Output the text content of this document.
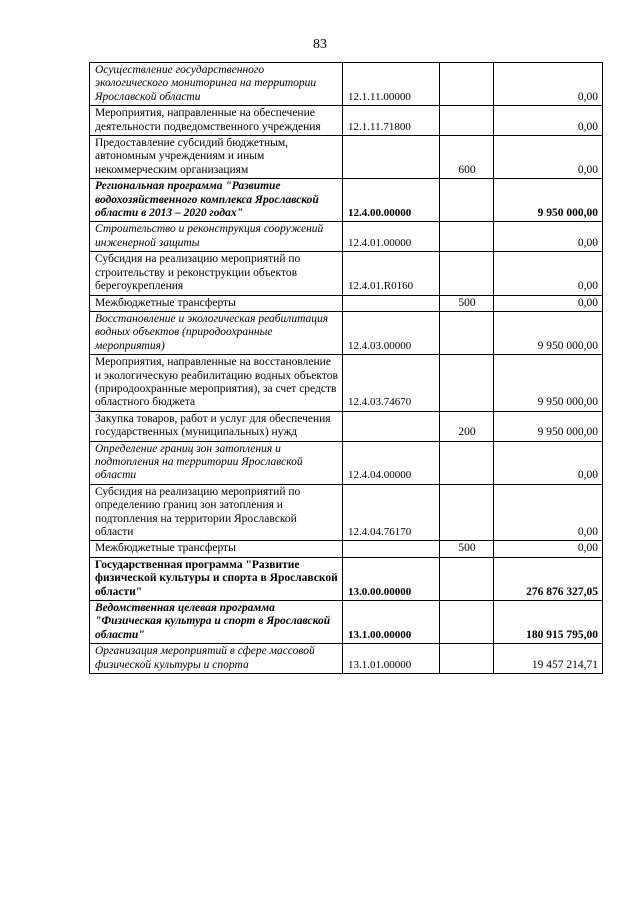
83
Осуществление государственного экологического мониторинга на территории Ярославской области	12.1.11.00000		0,00
Мероприятия, направленные на обеспечение деятельности подведомственного учреждения	12.1.11.71800		0,00
Предоставление субсидий бюджетным, автономным учреждениям и иным некоммерческим организациям		600	0,00
Региональная программа "Развитие водохозяйственного комплекса Ярославской области в 2013 – 2020 годах"	12.4.00.00000		9 950 000,00
Строительство и реконструкция сооружений инженерной защиты	12.4.01.00000		0,00
Субсидия на реализацию мероприятий по строительству и реконструкции объектов берегоукрепления	12.4.01.R0160		0,00
Межбюджетные трансферты		500	0,00
Восстановление и экологическая реабилитация водных объектов (природоохранные мероприятия)	12.4.03.00000		9 950 000,00
Мероприятия, направленные на восстановление и экологическую реабилитацию водных объектов (природоохранные мероприятия), за счет средств областного бюджета	12.4.03.74670		9 950 000,00
Закупка товаров, работ и услуг для обеспечения государственных (муниципальных) нужд		200	9 950 000,00
Определение границ зон затопления и подтопления на территории Ярославской области	12.4.04.00000		0,00
Субсидия на реализацию мероприятий по определению границ зон затопления и подтопления на территории Ярославской области	12.4.04.76170		0,00
Межбюджетные трансферты		500	0,00
Государственная программа "Развитие физической культуры и спорта в Ярославской области"	13.0.00.00000		276 876 327,05
Ведомственная целевая программа "Физическая культура и спорт в Ярославской области"	13.1.00.00000		180 915 795,00
Организация мероприятий в сфере массовой физической культуры и спорта	13.1.01.00000		19 457 214,71
